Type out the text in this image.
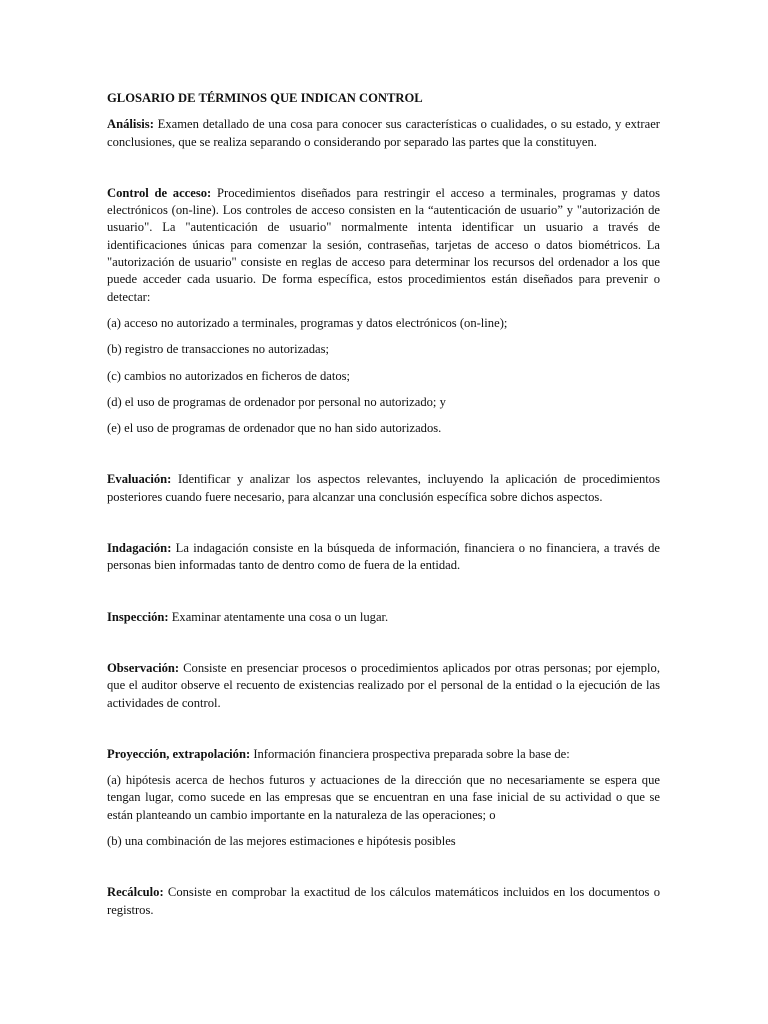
GLOSARIO DE TÉRMINOS QUE INDICAN CONTROL

Análisis: Examen detallado de una cosa para conocer sus características o cualidades, o su estado, y extraer conclusiones, que se realiza separando o considerando por separado las partes que la constituyen.

Control de acceso: Procedimientos diseñados para restringir el acceso a terminales, programas y datos electrónicos (on-line). Los controles de acceso consisten en la “autenticación de usuario” y "autorización de usuario". La "autenticación de usuario" normalmente intenta identificar un usuario a través de identificaciones únicas para comenzar la sesión, contraseñas, tarjetas de acceso o datos biométricos. La "autorización de usuario" consiste en reglas de acceso para determinar los recursos del ordenador a los que puede acceder cada usuario. De forma específica, estos procedimientos están diseñados para prevenir o detectar:

(a) acceso no autorizado a terminales, programas y datos electrónicos (on-line);

(b) registro de transacciones no autorizadas;

(c) cambios no autorizados en ficheros de datos;

(d) el uso de programas de ordenador por personal no autorizado; y

(e) el uso de programas de ordenador que no han sido autorizados.

Evaluación: Identificar y analizar los aspectos relevantes, incluyendo la aplicación de procedimientos posteriores cuando fuere necesario, para alcanzar una conclusión específica sobre dichos aspectos.

Indagación: La indagación consiste en la búsqueda de información, financiera o no financiera, a través de personas bien informadas tanto de dentro como de fuera de la entidad.

Inspección: Examinar atentamente una cosa o un lugar.

Observación: Consiste en presenciar procesos o procedimientos aplicados por otras personas; por ejemplo, que el auditor observe el recuento de existencias realizado por el personal de la entidad o la ejecución de las actividades de control.

Proyección, extrapolación: Información financiera prospectiva preparada sobre la base de:

(a) hipótesis acerca de hechos futuros y actuaciones de la dirección que no necesariamente se espera que tengan lugar, como sucede en las empresas que se encuentran en una fase inicial de su actividad o que se están planteando un cambio importante en la naturaleza de las operaciones; o

(b) una combinación de las mejores estimaciones e hipótesis posibles

Recálculo: Consiste en comprobar la exactitud de los cálculos matemáticos incluidos en los documentos o registros.
